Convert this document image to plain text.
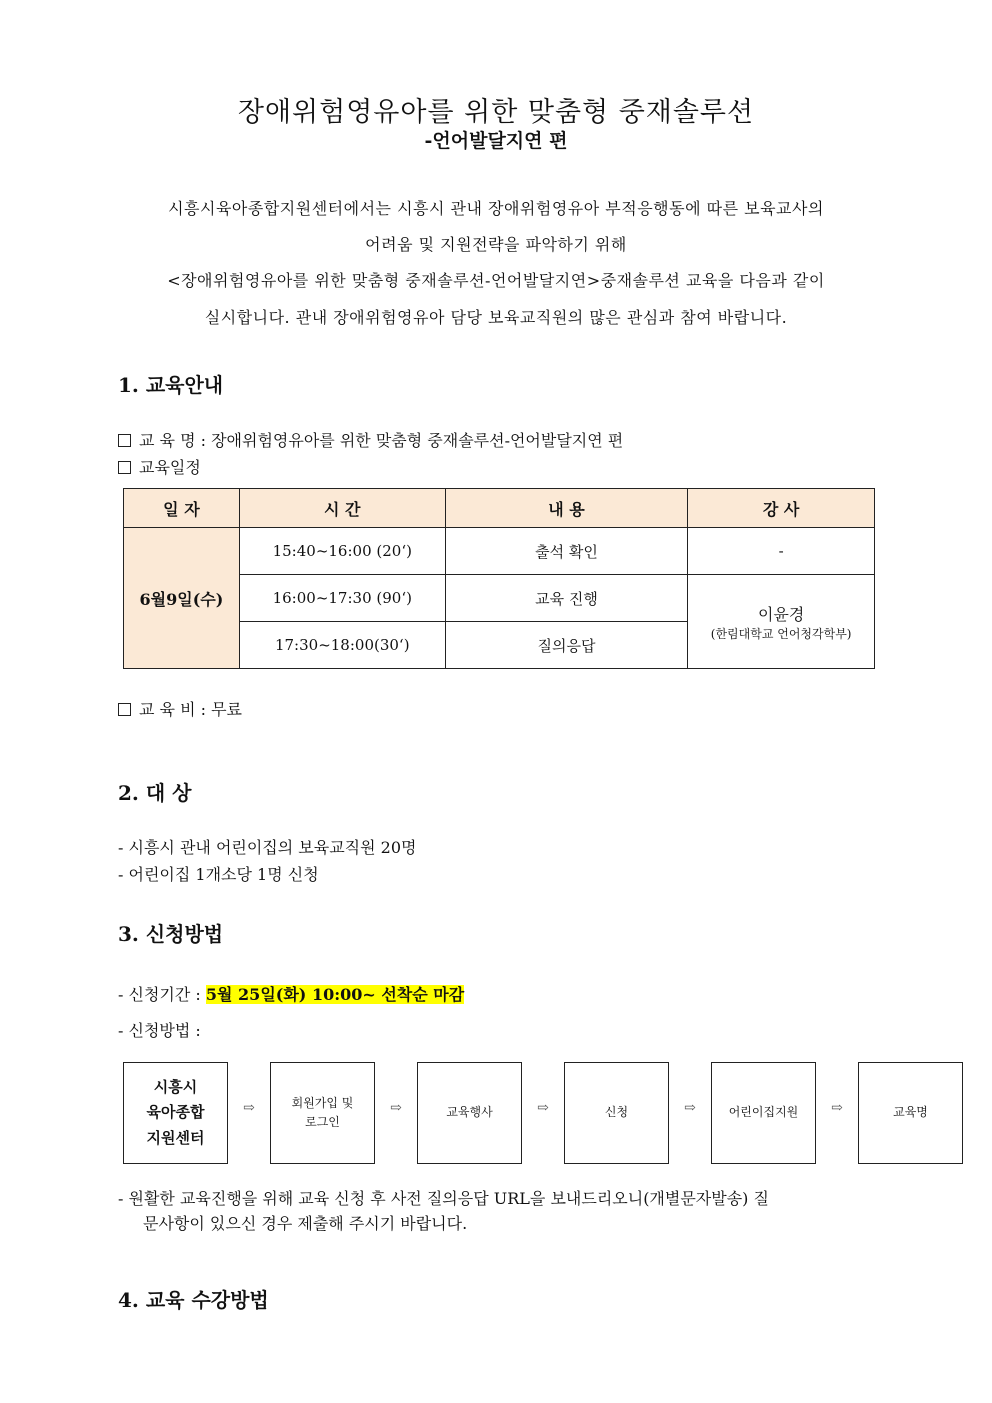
장애위험영유아를 위한 맞춤형 중재솔루션
-언어발달지연 편
시흥시육아종합지원센터에서는 시흥시 관내 장애위험영유아 부적응행동에 따른 보육교사의
어려움 및 지원전략을 파악하기 위해
<장애위험영유아를 위한 맞춤형 중재솔루션-언어발달지연>중재솔루션 교육을 다음과 같이
실시합니다. 관내 장애위험영유아 담당 보육교직원의 많은 관심과 참여 바랍니다.
1. 교육안내
교 육 명 : 장애위험영유아를 위한 맞춤형 중재솔루션-언어발달지연 편
교육일정
일 자	시 간	내 용	강 사
6월9일(수)	15:40~16:00 (20‘)	출석 확인	-
	16:00~17:30 (90‘)	교육 진행	이윤경
(한림대학교 언어청각학부)

	17:30~18:00(30‘)	질의응답	
교 육 비 : 무료
2. 대 상
- 시흥시 관내 어린이집의 보육교직원 20명
- 어린이집 1개소당 1명 신청
3. 신청방법
- 신청기간 : 5월 25일(화) 10:00~ 선착순 마감
- 신청방법 :
시흥시
육아종합
지원센터
⇨	회원가입 및
로그인
⇨	교육행사	⇨	신청	⇨	어린이집지원	⇨	교육명
- 원활한 교육진행을 위해 교육 신청 후 사전 질의응답 URL을 보내드리오니(개별문자발송) 질
문사항이 있으신 경우 제출해 주시기 바랍니다.
4. 교육 수강방법
